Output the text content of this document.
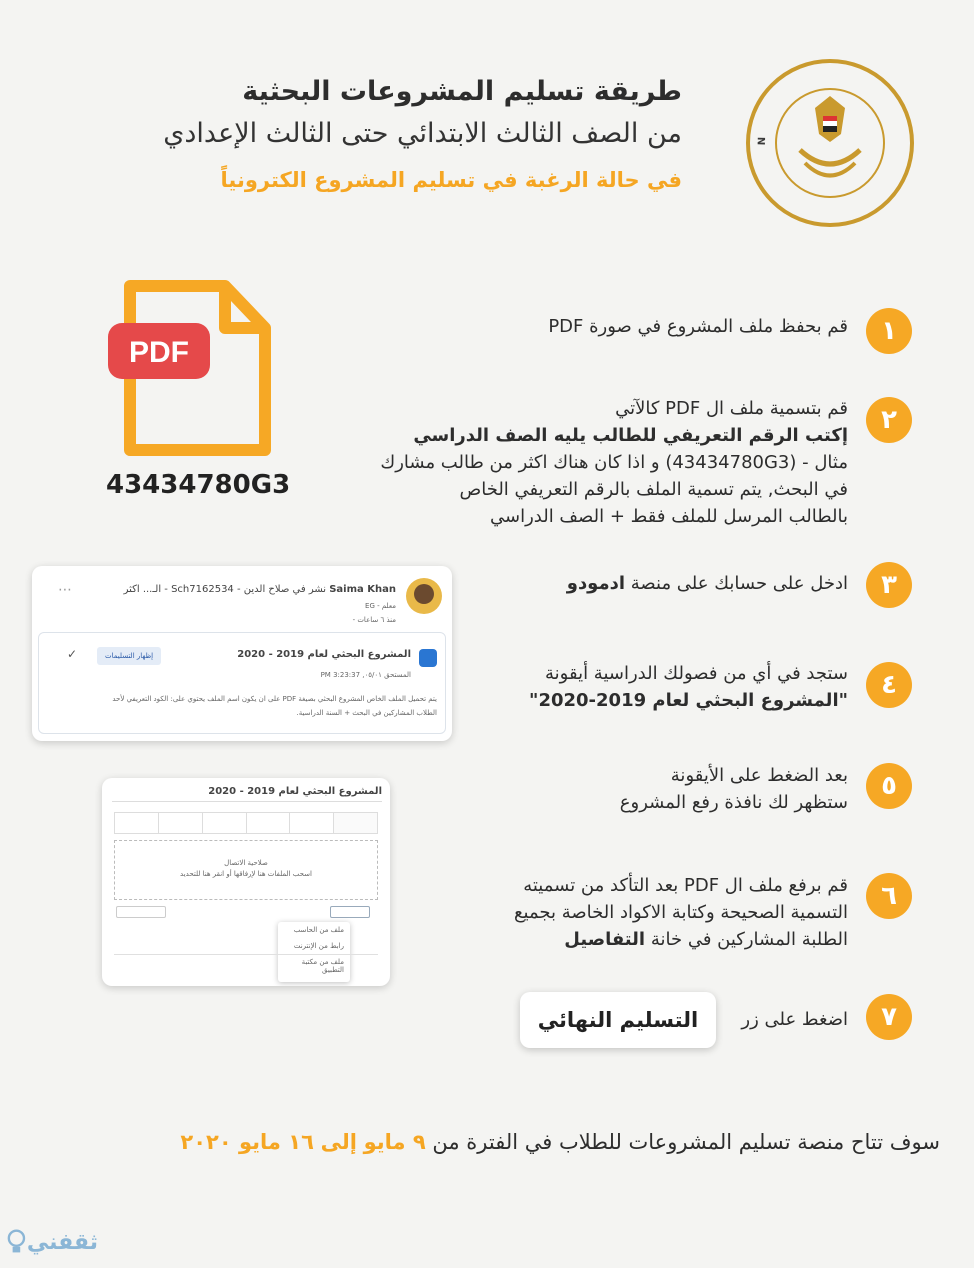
N
طريقة تسليم المشروعات البحثية
من الصف الثالث الابتدائي حتى الثالث الإعدادي
في حالة الرغبة في تسليم المشروع الكترونياً
PDF
43434780G3
١
٢
٣
٤
٥
٦
٧
قم بحفظ ملف المشروع في صورة PDF
قم بتسمية ملف ال PDF كالآتي
إكتب الرقم التعريفي للطالب يليه الصف الدراسي
مثال - (43434780G3) و اذا كان هناك اكثر من طالب مشارك
في البحث, يتم تسمية الملف بالرقم التعريفي الخاص
بالطالب المرسل للملف فقط + الصف الدراسي
ادخل على حسابك على منصة ادمودو
ستجد في أي من فصولك الدراسية أيقونة
"المشروع البحثي لعام 2019-2020"
بعد الضغط على الأيقونة
ستظهر لك نافذة رفع المشروع
قم برفع ملف ال PDF بعد التأكد من تسميته
التسمية الصحيحة وكتابة الاكواد الخاصة بجميع
الطلبة المشاركين في خانة التفاصيل
اضغط على زر
التسليم النهائي
Saima Khan نشر في صلاح الدين - Sch7162534 - الـ... اكثر
معلم - EG
منذ ٦ ساعات -
⋯
المشروع البحثي لعام 2019 - 2020
المستحق ٠٥/٠١, 3:23:37 PM
إظهار التسليمات
✓
يتم تحميل الملف الخاص المشروع البحثي بصيغة PDF على ان يكون اسم الملف يحتوي على: الكود التعريفي لأحد
الطلاب المشاركين في البحث + السنة الدراسية.
المشروع البحثي لعام 2019 - 2020
صلاحية الاتصال
اسحب الملفات هنا لإرفاقها أو انقر هنا للتحديد
ملف من الحاسب
رابط من الإنترنت
ملف من مكتبة التطبيق
سوف تتاح منصة تسليم المشروعات للطلاب في الفترة من ٩ مايو إلى ١٦ مايو ٢٠٢٠
ثقفني
